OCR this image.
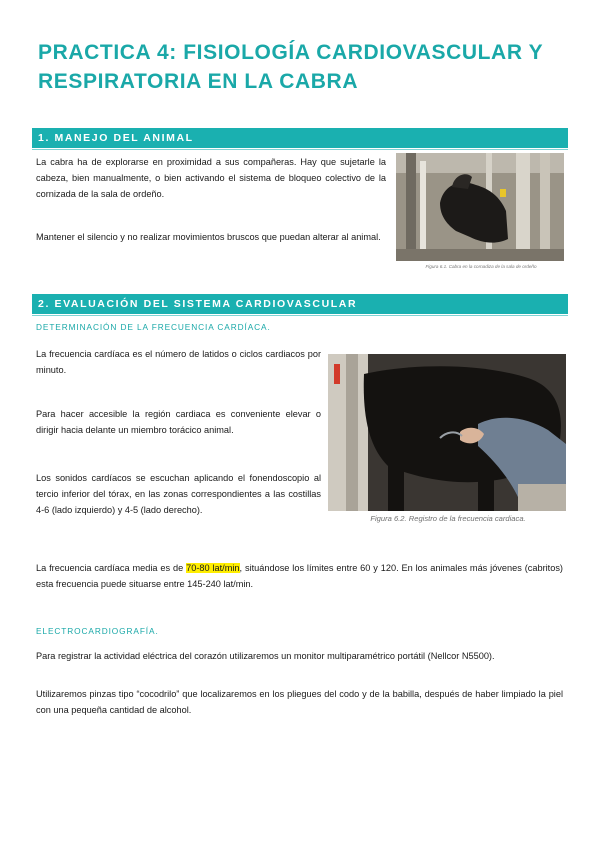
PRACTICA 4: FISIOLOGÍA CARDIOVASCULAR Y
RESPIRATORIA EN LA CABRA
1. MANEJO DEL ANIMAL
La cabra ha de explorarse en proximidad a sus compañeras. Hay que sujetarle la cabeza, bien manualmente, o bien activando el sistema de bloqueo colectivo de la cornizada de la sala de ordeño.
Mantener el silencio y no realizar movimientos bruscos que puedan alterar al animal.
Figura 6.1. Cabra en la cornadiza de la sala de ordeño
2. EVALUACIÓN DEL SISTEMA CARDIOVASCULAR
DETERMINACIÓN DE LA FRECUENCIA CARDÍACA.
La frecuencia cardíaca es el número de latidos o ciclos cardiacos por minuto.
Para hacer accesible la región cardiaca es conveniente elevar o dirigir hacia delante un miembro torácico animal.
Los sonidos cardíacos se escuchan aplicando el fonendoscopio al tercio inferior del tórax, en las zonas correspondientes a las costillas 4-6 (lado izquierdo) y 4-5 (lado derecho).
Figura 6.2. Registro de la frecuencia cardiaca.
La frecuencia cardíaca media es de 70-80 lat/min, situándose los límites entre 60 y 120. En los animales más jóvenes (cabritos) esta frecuencia puede situarse entre 145-240 lat/min.
ELECTROCARDIOGRAFÍA.
Para registrar la actividad eléctrica del corazón utilizaremos un monitor multiparamétrico portátil (Nellcor N5500).
Utilizaremos pinzas tipo “cocodrilo” que localizaremos en los pliegues del codo y de la babilla, después de haber limpiado la piel con una pequeña cantidad de alcohol.
